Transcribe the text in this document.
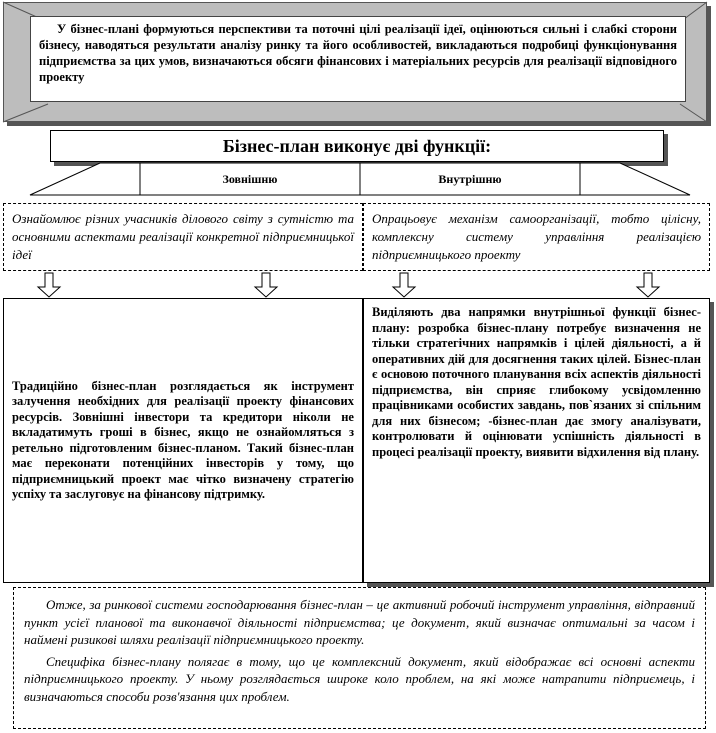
У бізнес-плані формуються перспективи та поточні цілі реалізації ідеї, оцінюються сильні і слабкі сторони бізнесу, наводяться результати аналізу ринку та його особливостей, викладаються подробиці функціонування підприємства за цих умов, визначаються обсяги фінансових і матеріальних ресурсів для реалізації відповідного проекту
Бізнес-план виконує дві функції:
Зовнішню	Внутрішню
Ознайомлює різних учасників ділового світу з сутністю та основними аспектами реалізації конкретної підприємницької ідеї
Опрацьовує механізм самоорганізації, тобто цілісну, комплексну систему управління реалізацією підприємницького проекту
Традиційно бізнес-план розглядається як інструмент залучення необхідних для реалізації проекту фінансових ресурсів. Зовнішні інвестори та кредитори ніколи не вкладатимуть гроші в бізнес, якщо не ознайомляться з ретельно підготовленим бізнес-планом. Такий бізнес-план має переконати потенційних інвесторів у тому, що підприємницький проект має чітко визначену стратегію успіху та заслуговує на фінансову підтримку.
Виділяють два напрямки внутрішньої функції бізнес-плану: розробка бізнес-плану потребує визначення не тільки стратегічних напрямків і цілей діяльності, а й оперативних дій для досягнення таких цілей. Бізнес-план є основою поточного планування всіх аспектів діяльності підприємства, він сприяє глибокому усвідомленню працівниками особистих завдань, пов`язаних зі спільним для них бізнесом; -бізнес-план дає змогу аналізувати, контролювати й оцінювати успішність діяльності в процесі реалізації проекту, виявити відхилення від плану.

Отже, за ринкової системи господарювання бізнес-план – це активний робочий інструмент управління, відправний пункт усієї планової та виконавчої діяльності підприємства; це документ, який визначає оптимальні за часом і наймені ризикові шляхи реалізації підприємницького проекту.

Специфіка бізнес-плану полягає в тому, що це комплексний документ, який відображає всі основні аспекти підприємницького проекту. У ньому розглядається широке коло проблем, на які може натрапити підприємець, і визначаються способи розв'язання цих проблем.
